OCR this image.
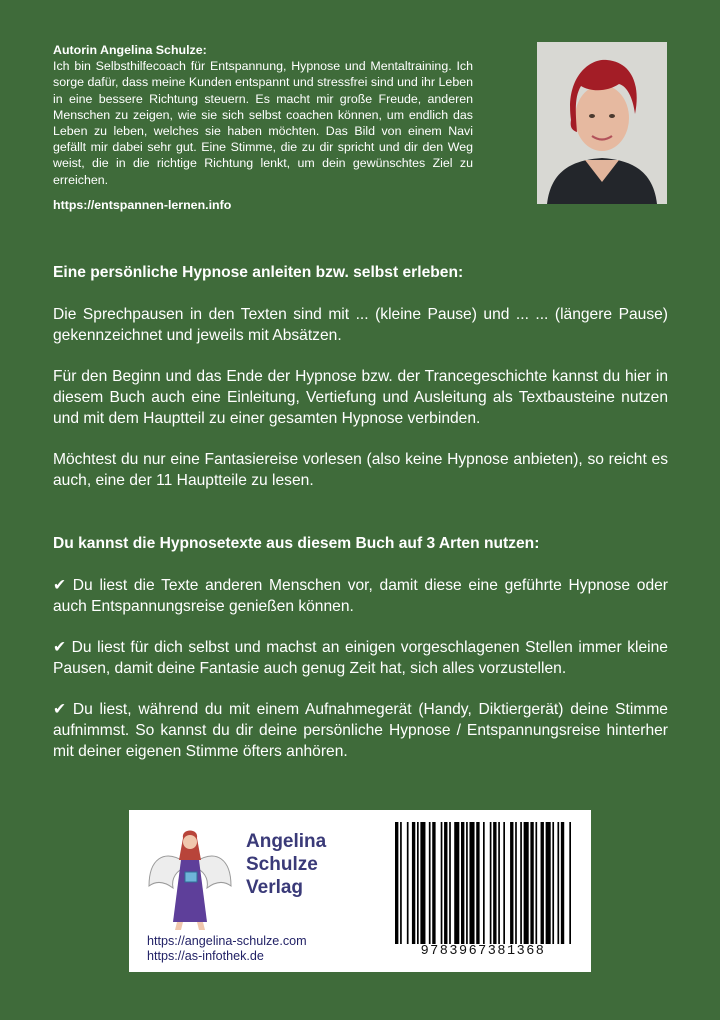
Autorin Angelina Schulze:
Ich bin Selbsthilfecoach für Entspannung, Hypnose und Mentaltraining. Ich sorge dafür, dass meine Kunden entspannt und stressfrei sind und ihr Leben in eine bessere Richtung steuern. Es macht mir große Freude, anderen Menschen zu zeigen, wie sie sich selbst coachen können, um endlich das Leben zu leben, welches sie haben möchten. Das Bild von einem Navi gefällt mir dabei sehr gut. Eine Stimme, die zu dir spricht und dir den Weg weist, die in die richtige Richtung lenkt, um dein gewünschtes Ziel zu erreichen.
https://entspannen-lernen.info
Eine persönliche Hypnose anleiten bzw. selbst erleben:

Die Sprechpausen in den Texten sind mit ... (kleine Pause) und ... ... (längere Pause) gekennzeichnet und jeweils mit Absätzen.

Für den Beginn und das Ende der Hypnose bzw. der Trancegeschichte kannst du hier in diesem Buch auch eine Einleitung, Vertiefung und Ausleitung als Textbausteine nutzen und mit dem Hauptteil zu einer gesamten Hypnose verbinden.

Möchtest du nur eine Fantasiereise vorlesen (also keine Hypnose anbieten), so reicht es auch, eine der 11 Hauptteile zu lesen.

Du kannst die Hypnosetexte aus diesem Buch auf 3 Arten nutzen:

✔ Du liest die Texte anderen Menschen vor, damit diese eine geführte Hypnose oder auch Entspannungsreise genießen können.

✔ Du liest für dich selbst und machst an einigen vorgeschlagenen Stellen immer kleine Pausen, damit deine Fantasie auch genug Zeit hat, sich alles vorzustellen.

✔ Du liest, während du mit einem Aufnahmegerät (Handy, Diktiergerät) deine Stimme aufnimmst. So kannst du dir deine persönliche Hypnose / Entspannungsreise hinterher mit deiner eigenen Stimme öfters anhören.

Angelina
Schulze
Verlag
https://angelina-schulze.com
https://as-infothek.de	9783967381368
